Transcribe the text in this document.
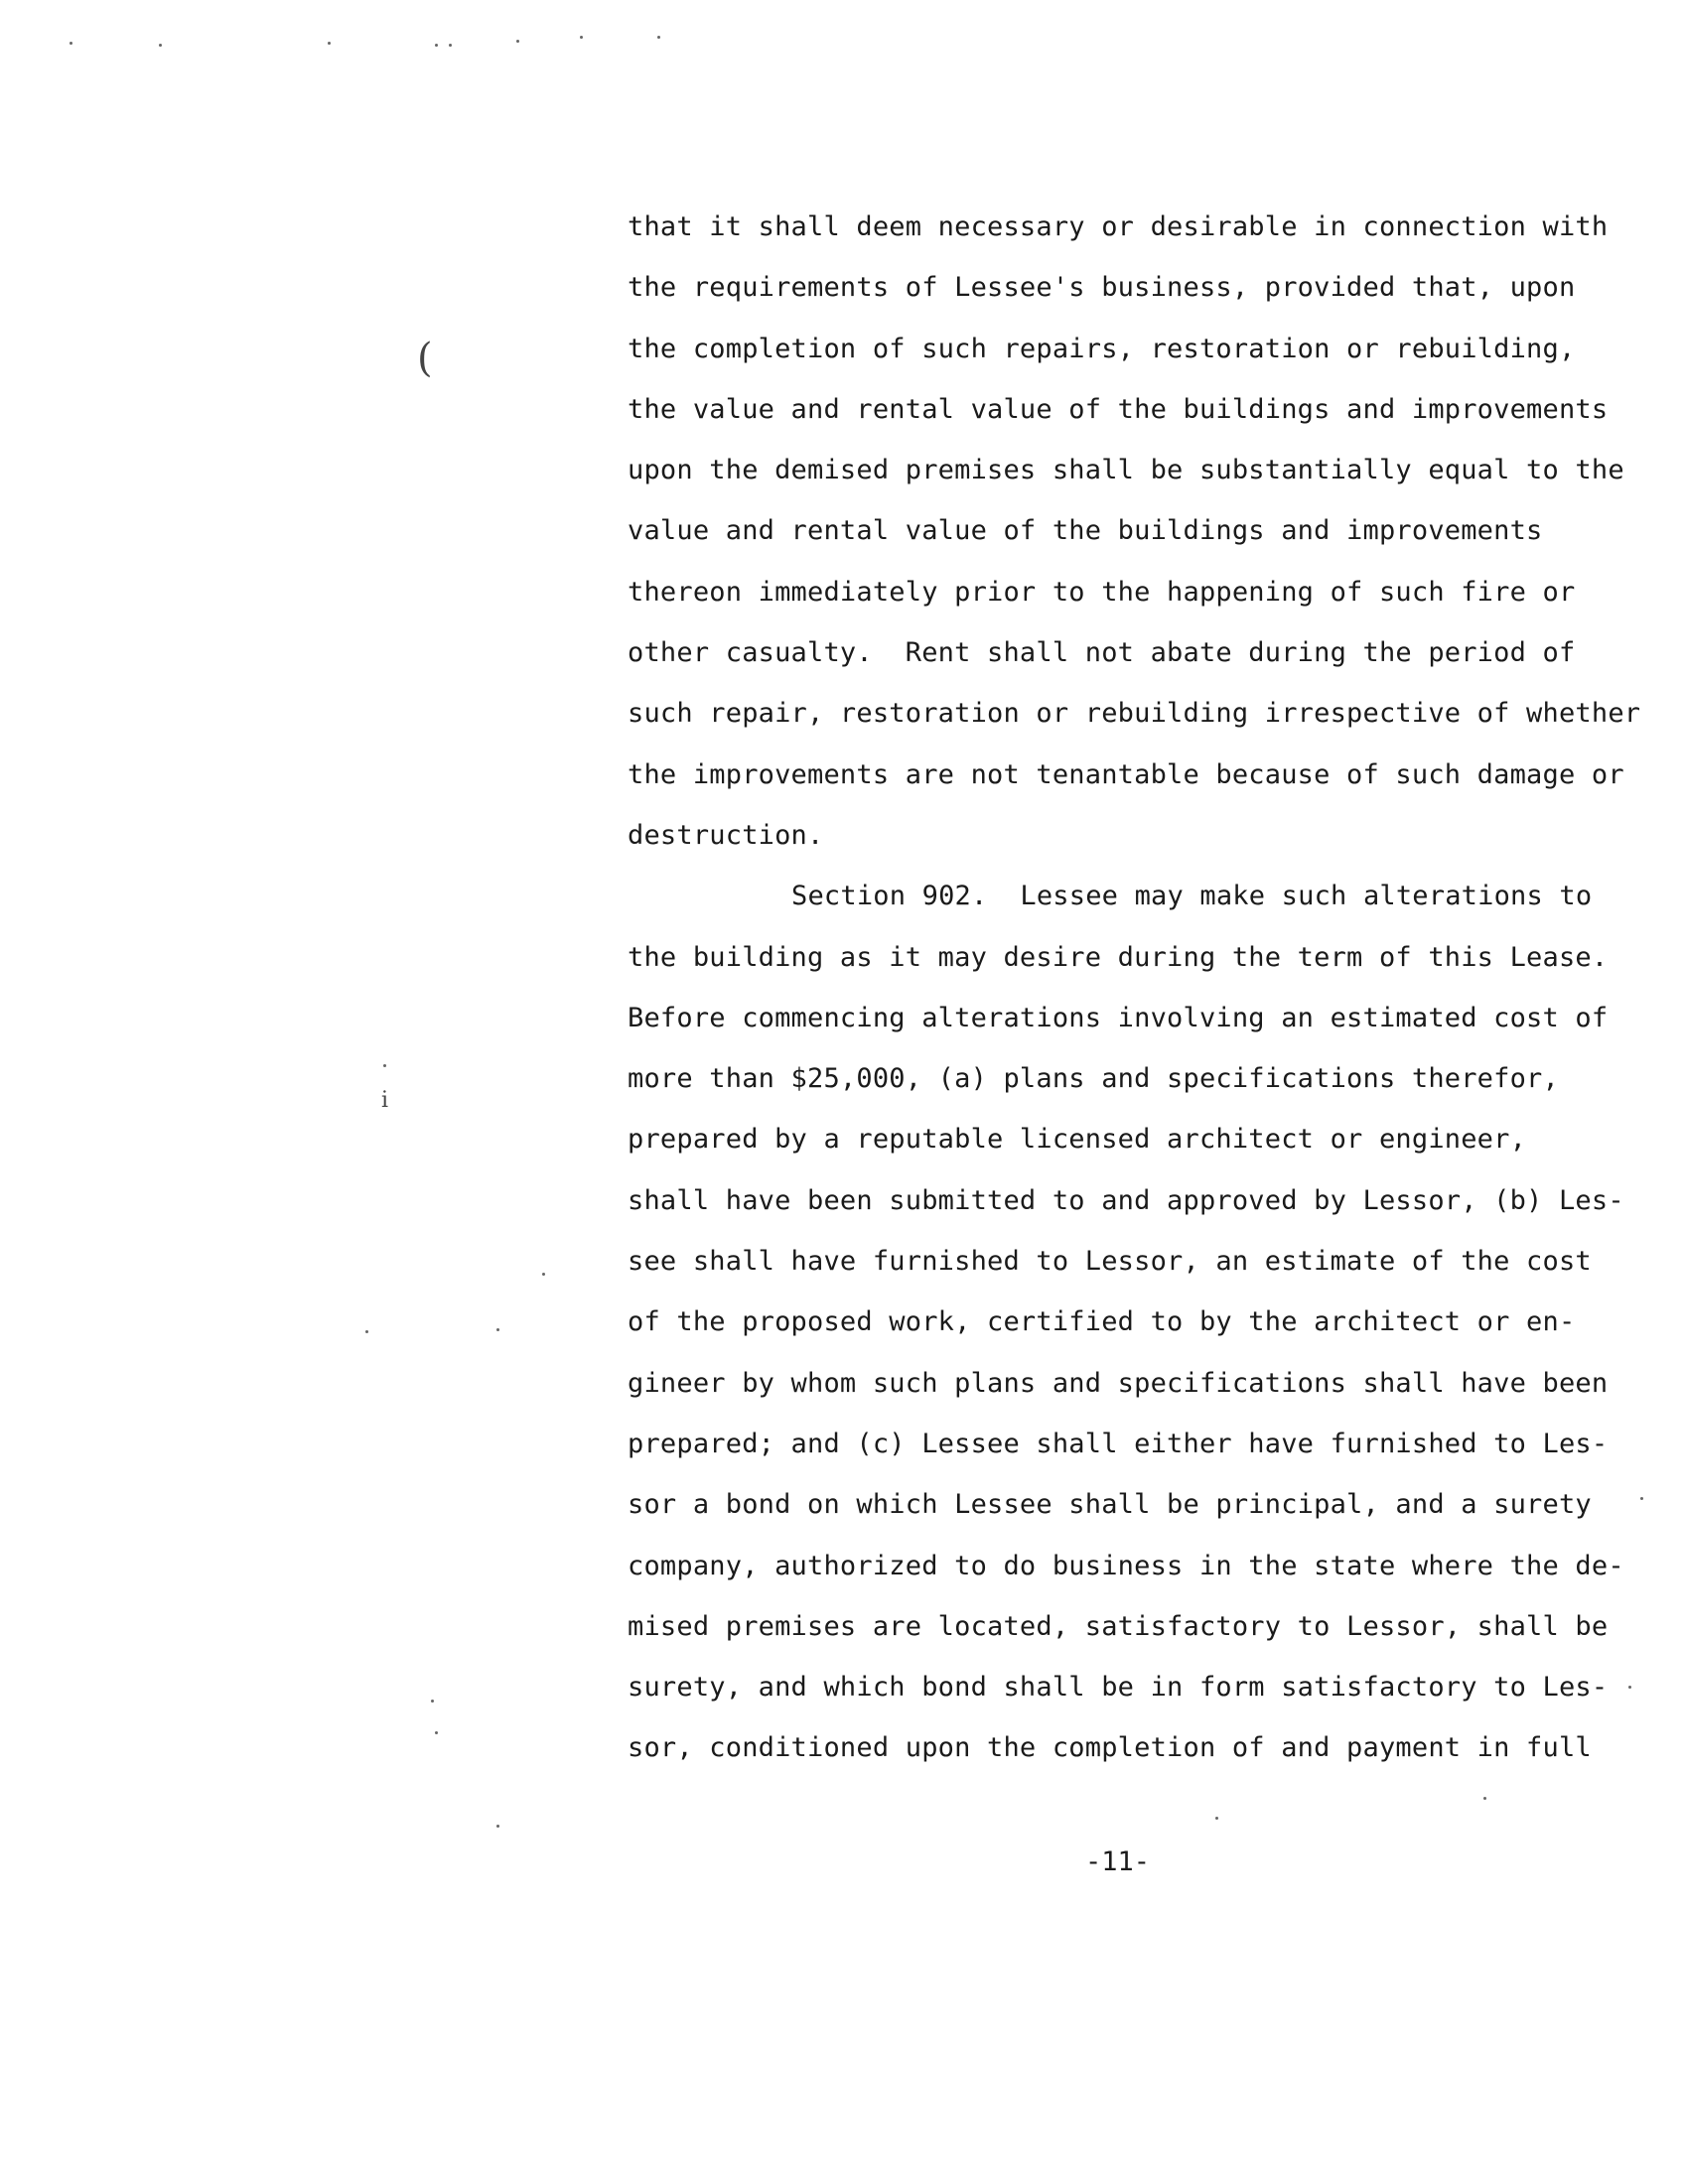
(
i
that it shall deem necessary or desirable in connection with
the requirements of Lessee's business, provided that, upon
the completion of such repairs, restoration or rebuilding,
the value and rental value of the buildings and improvements
upon the demised premises shall be substantially equal to the
value and rental value of the buildings and improvements
thereon immediately prior to the happening of such fire or
other casualty.  Rent shall not abate during the period of
such repair, restoration or rebuilding irrespective of whether
the improvements are not tenantable because of such damage or
destruction.
Section 902.  Lessee may make such alterations to
the building as it may desire during the term of this Lease.
Before commencing alterations involving an estimated cost of
more than $25,000, (a) plans and specifications therefor,
prepared by a reputable licensed architect or engineer,
shall have been submitted to and approved by Lessor, (b) Les-
see shall have furnished to Lessor, an estimate of the cost
of the proposed work, certified to by the architect or en-
gineer by whom such plans and specifications shall have been
prepared; and (c) Lessee shall either have furnished to Les-
sor a bond on which Lessee shall be principal, and a surety
company, authorized to do business in the state where the de-
mised premises are located, satisfactory to Lessor, shall be
surety, and which bond shall be in form satisfactory to Les-
sor, conditioned upon the completion of and payment in full
-11-
